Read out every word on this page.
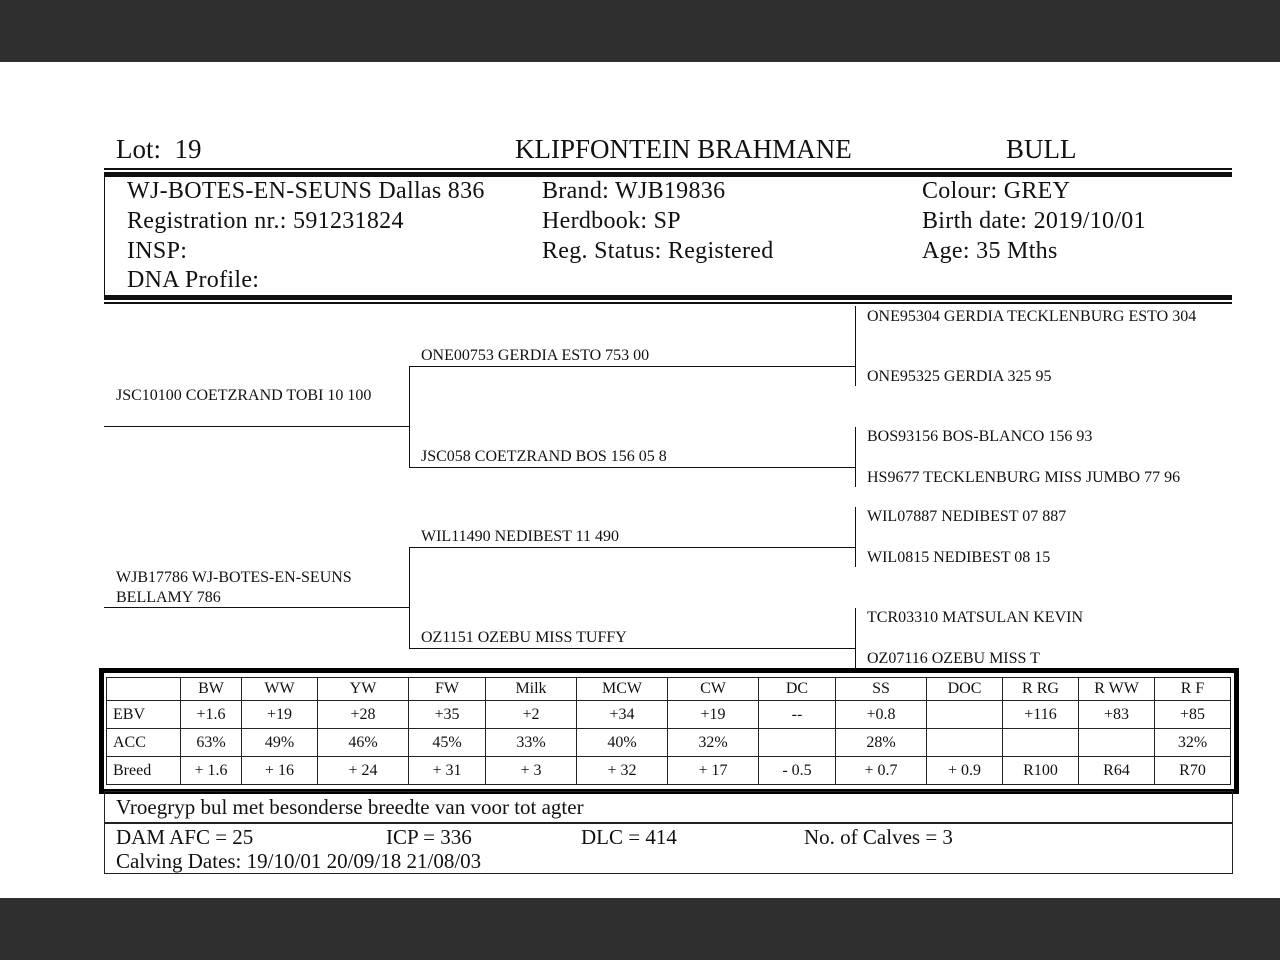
Lot: 19	KLIPFONTEIN BRAHMANE	BULL
WJ-BOTES-EN-SEUNS Dallas 836
Registration nr.: 591231824
INSP:
DNA Profile:
Brand: WJB19836
Herdbook: SP
Reg. Status: Registered
Colour: GREY
Birth date: 2019/10/01
Age: 35 Mths
JSC10100 COETZRAND TOBI 10 100
WJB17786 WJ-BOTES-EN-SEUNS BELLAMY 786
ONE00753 GERDIA ESTO 753 00
JSC058 COETZRAND BOS 156 05 8
WIL11490 NEDIBEST 11 490
OZ1151 OZEBU MISS TUFFY
ONE95304 GERDIA TECKLENBURG ESTO 304
ONE95325 GERDIA 325 95
BOS93156 BOS-BLANCO 156 93
HS9677 TECKLENBURG MISS JUMBO 77 96
WIL07887 NEDIBEST 07 887
WIL0815 NEDIBEST 08 15
TCR03310 MATSULAN KEVIN
OZ07116 OZEBU MISS T
	BW	WW	YW	FW	Milk	MCW	CW	DC	SS	DOC	R RG	R WW	R F
EBV	+1.6	+19	+28	+35	+2	+34	+19	--	+0.8		+116	+83	+85
ACC	63%	49%	46%	45%	33%	40%	32%		28%				32%
Breed	+ 1.6	+ 16	+ 24	+ 31	+ 3	+ 32	+ 17	- 0.5	+ 0.7	+ 0.9	R100	R64	R70
Vroegryp bul met besonderse breedte van voor tot agter
DAM AFC = 25	ICP = 336	DLC = 414	No. of Calves = 3
Calving Dates: 19/10/01 20/09/18 21/08/03
